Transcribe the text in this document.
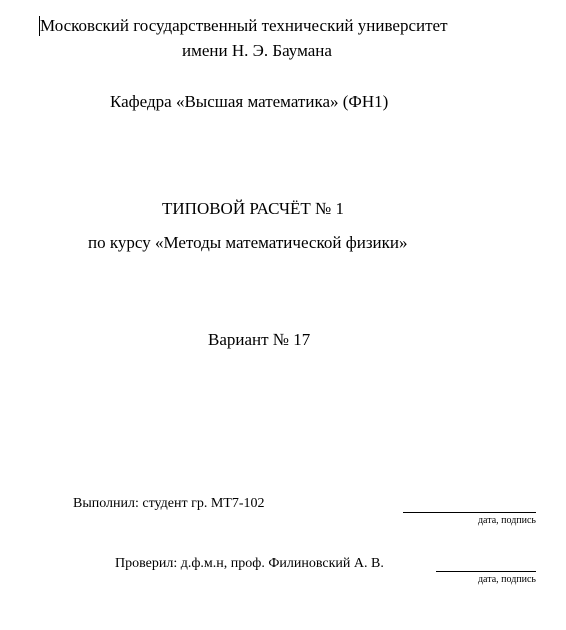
Московский государственный технический университет
имени Н. Э. Баумана
Кафедра «Высшая математика» (ФН1)
ТИПОВОЙ РАСЧЁТ № 1
по курсу «Методы математической физики»
Вариант № 17
Выполнил: студент гр. МТ7-102
дата, подпись
Проверил: д.ф.м.н, проф. Филиновский А. В.
дата, подпись
